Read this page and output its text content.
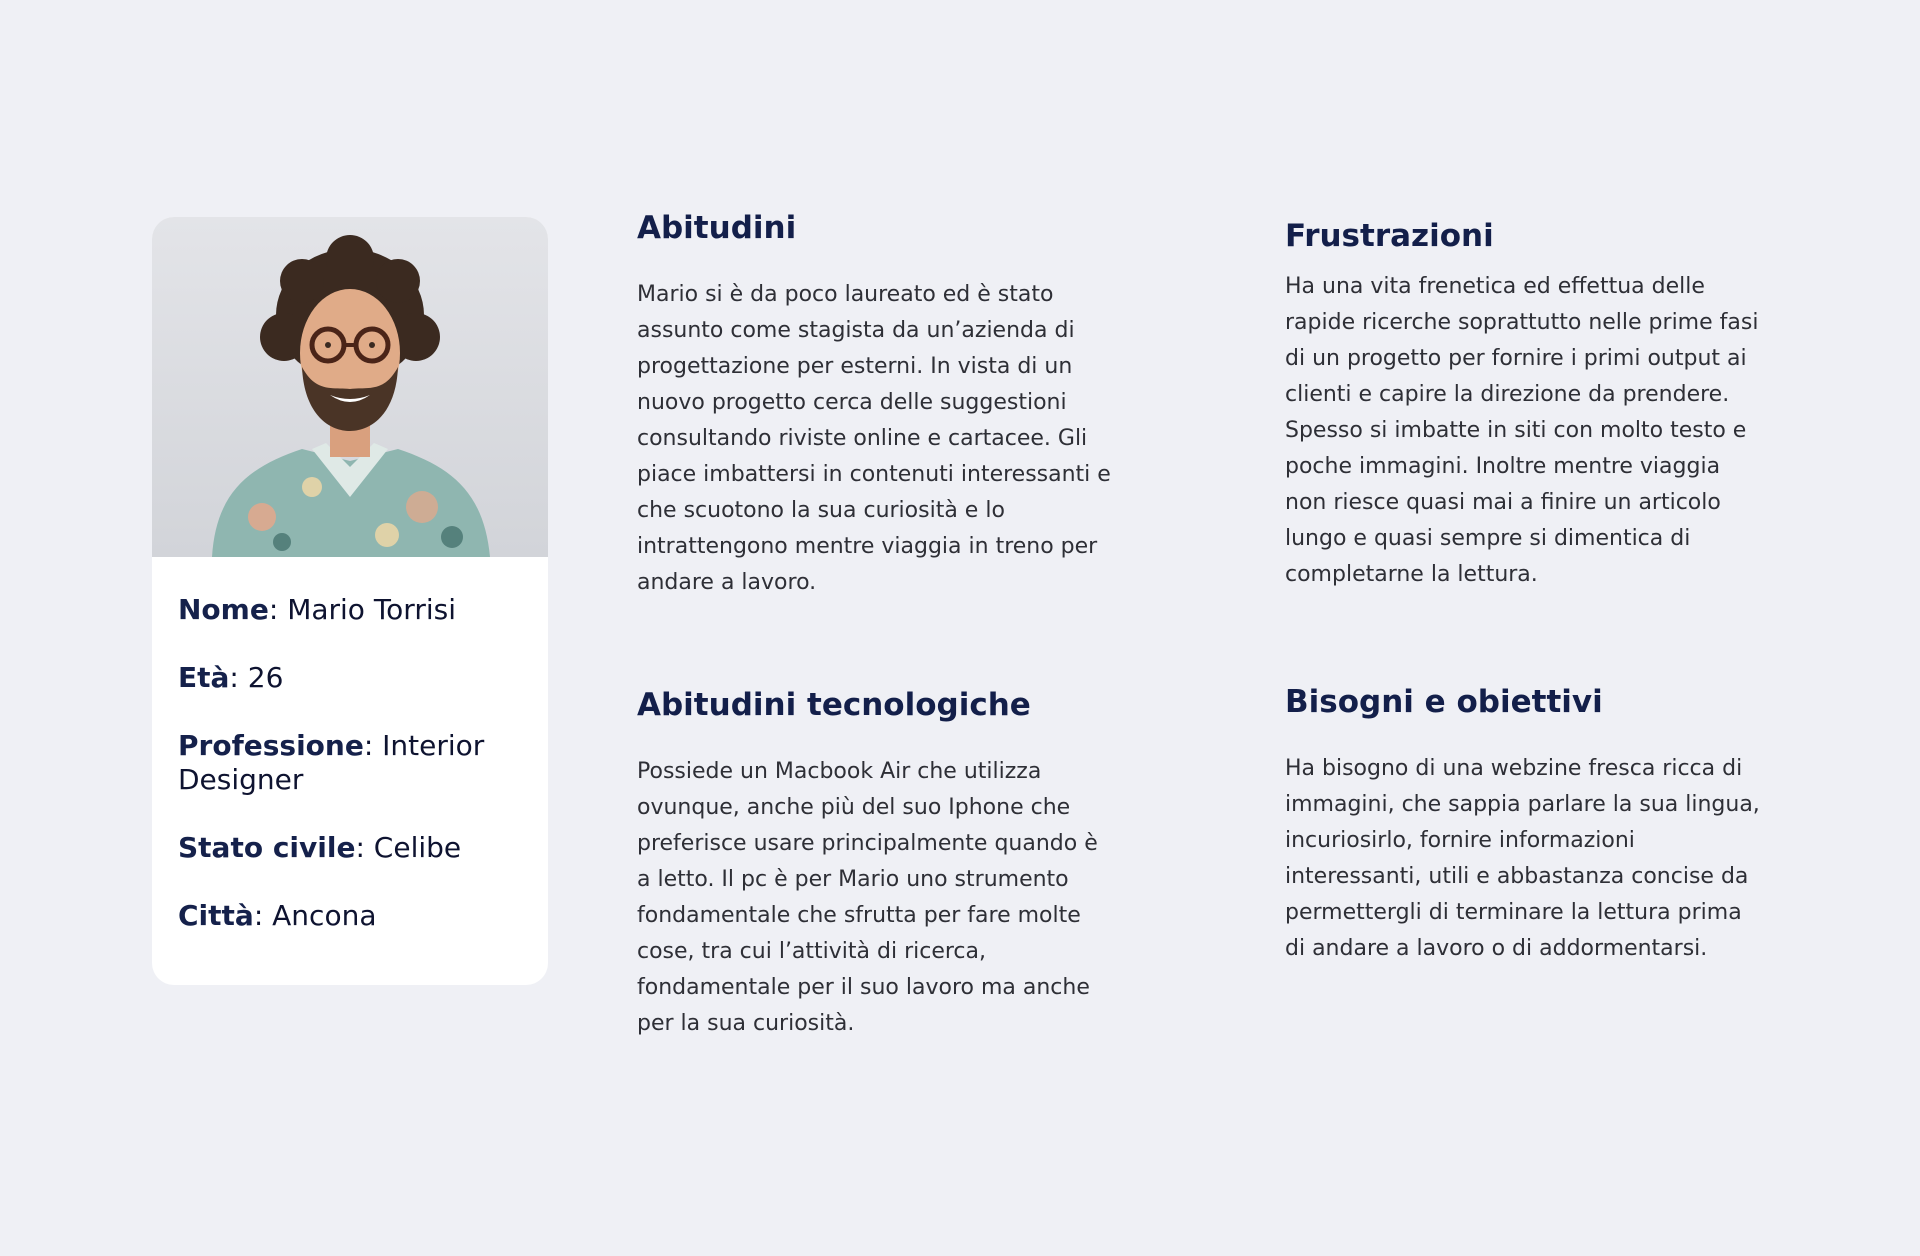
Nome: Mario Torrisi
Età: 26
Professione: Interior Designer
Stato civile: Celibe
Città: Ancona
Abitudini

Mario si è da poco laureato ed è stato assunto come stagista da un’azienda di progettazione per esterni. In vista di un nuovo progetto cerca delle suggestioni consultando riviste online e cartacee. Gli piace imbattersi in contenuti interessanti e che scuotono la sua curiosità e lo intrattengono mentre viaggia in treno per andare a lavoro.

Frustrazioni

Ha una vita frenetica ed effettua delle rapide ricerche soprattutto nelle prime fasi di un progetto per fornire i primi output ai clienti e capire la direzione da prendere. Spesso si imbatte in siti con molto testo e poche immagini. Inoltre mentre viaggia non riesce quasi mai a finire un articolo lungo e quasi sempre si dimentica di completarne la lettura.

Abitudini tecnologiche

Possiede un Macbook Air che utilizza ovunque, anche più del suo Iphone che preferisce usare principalmente quando è a letto. Il pc è per Mario uno strumento fondamentale che sfrutta per fare molte cose, tra cui l’attività di ricerca, fondamentale per il suo lavoro ma anche per la sua curiosità.

Bisogni e obiettivi

Ha bisogno di una webzine fresca ricca di immagini, che sappia parlare la sua lingua, incuriosirlo, fornire informazioni interessanti, utili e abbastanza concise da permettergli di terminare la lettura prima di andare a lavoro o di addormentarsi.
